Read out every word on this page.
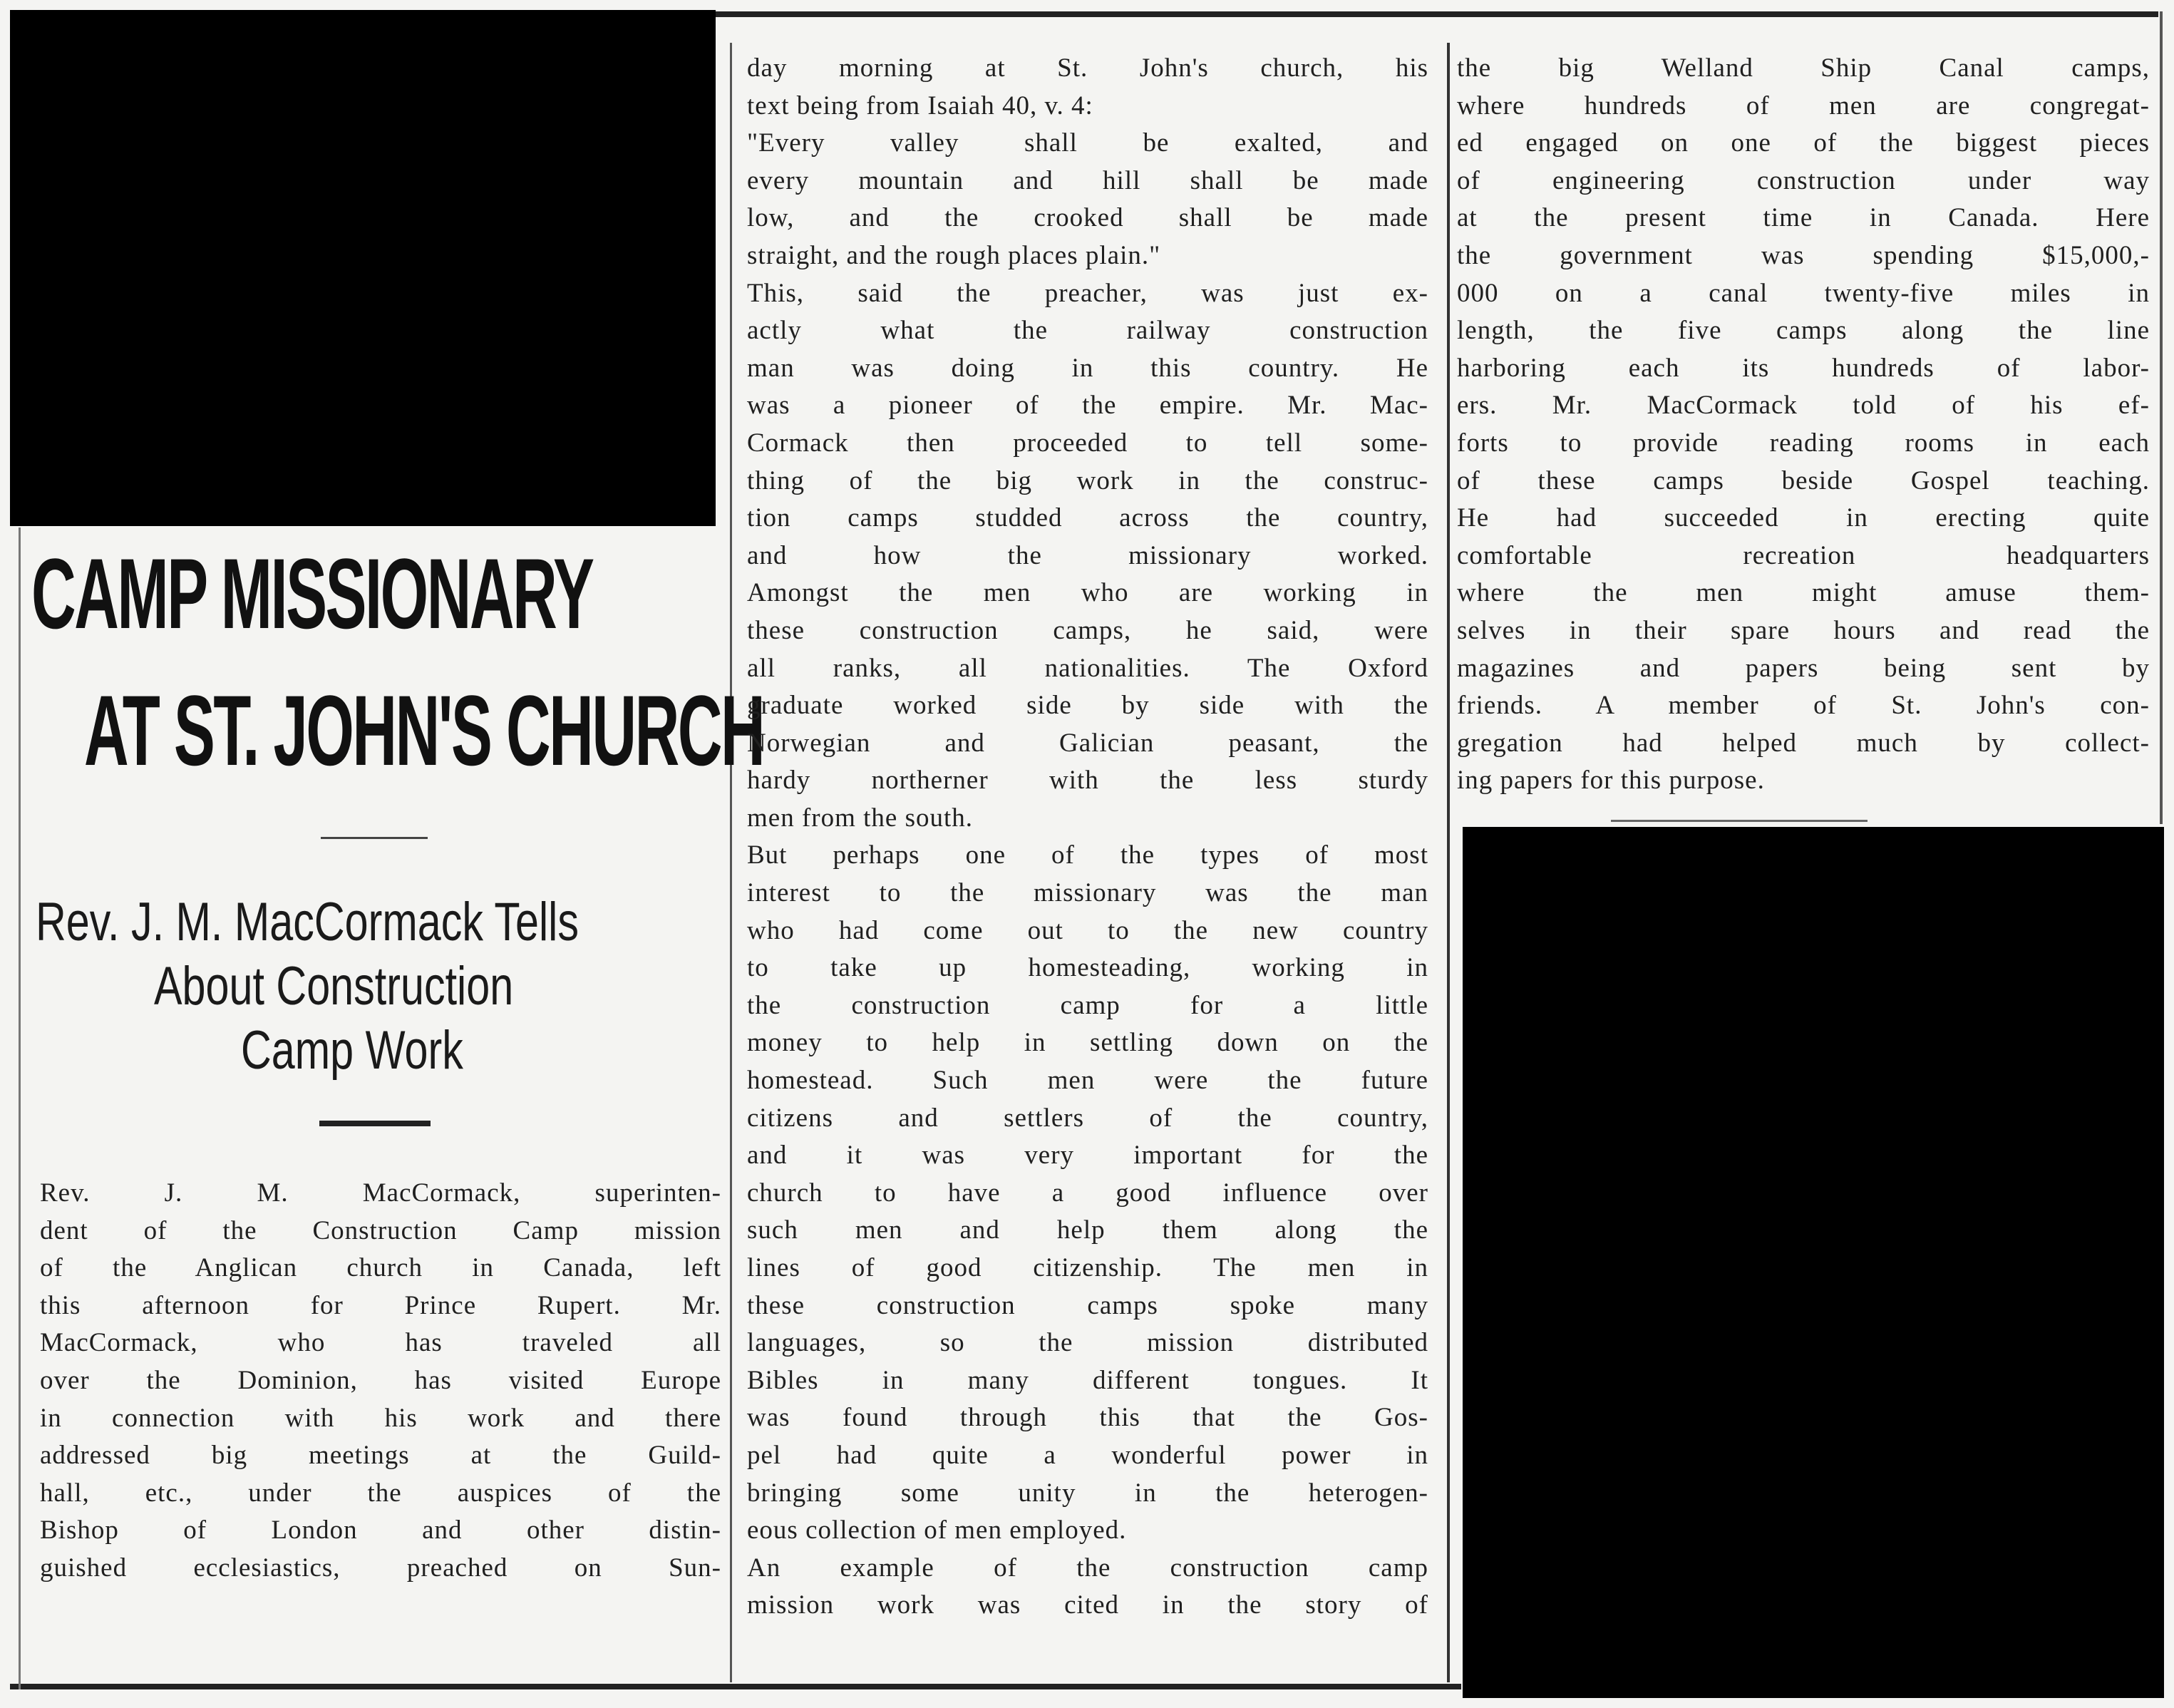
CAMP MISSIONARY
AT ST. JOHN'S CHURCH
Rev. J. M. MacCormack Tells
About Construction
Camp Work
Rev. J. M. MacCormack, superinten-
dent of the Construction Camp mission
of the Anglican church in Canada, left
this afternoon for Prince Rupert. Mr.
MacCormack, who has traveled all
over the Dominion, has visited Europe
in connection with his work and there
addressed big meetings at the Guild-
hall, etc., under the auspices of the
Bishop of London and other distin-
guished ecclesiastics, preached on Sun-
day morning at St. John's church, his
text being from Isaiah 40, v. 4:
"Every valley shall be exalted, and
every mountain and hill shall be made
low, and the crooked shall be made
straight, and the rough places plain."
This, said the preacher, was just ex-
actly what the railway construction
man was doing in this country. He
was a pioneer of the empire. Mr. Mac-
Cormack then proceeded to tell some-
thing of the big work in the construc-
tion camps studded across the country,
and how the missionary worked.
Amongst the men who are working in
these construction camps, he said, were
all ranks, all nationalities. The Oxford
graduate worked side by side with the
Norwegian and Galician peasant, the
hardy northerner with the less sturdy
men from the south.
But perhaps one of the types of most
interest to the missionary was the man
who had come out to the new country
to take up homesteading, working in
the construction camp for a little
money to help in settling down on the
homestead. Such men were the future
citizens and settlers of the country,
and it was very important for the
church to have a good influence over
such men and help them along the
lines of good citizenship. The men in
these construction camps spoke many
languages, so the mission distributed
Bibles in many different tongues. It
was found through this that the Gos-
pel had quite a wonderful power in
bringing some unity in the heterogen-
eous collection of men employed.
An example of the construction camp
mission work was cited in the story of
the big Welland Ship Canal camps,
where hundreds of men are congregat-
ed engaged on one of the biggest pieces
of engineering construction under way
at the present time in Canada. Here
the government was spending $15,000,-
000 on a canal twenty-five miles in
length, the five camps along the line
harboring each its hundreds of labor-
ers. Mr. MacCormack told of his ef-
forts to provide reading rooms in each
of these camps beside Gospel teaching.
He had succeeded in erecting quite
comfortable recreation headquarters
where the men might amuse them-
selves in their spare hours and read the
magazines and papers being sent by
friends. A member of St. John's con-
gregation had helped much by collect-
ing papers for this purpose.
